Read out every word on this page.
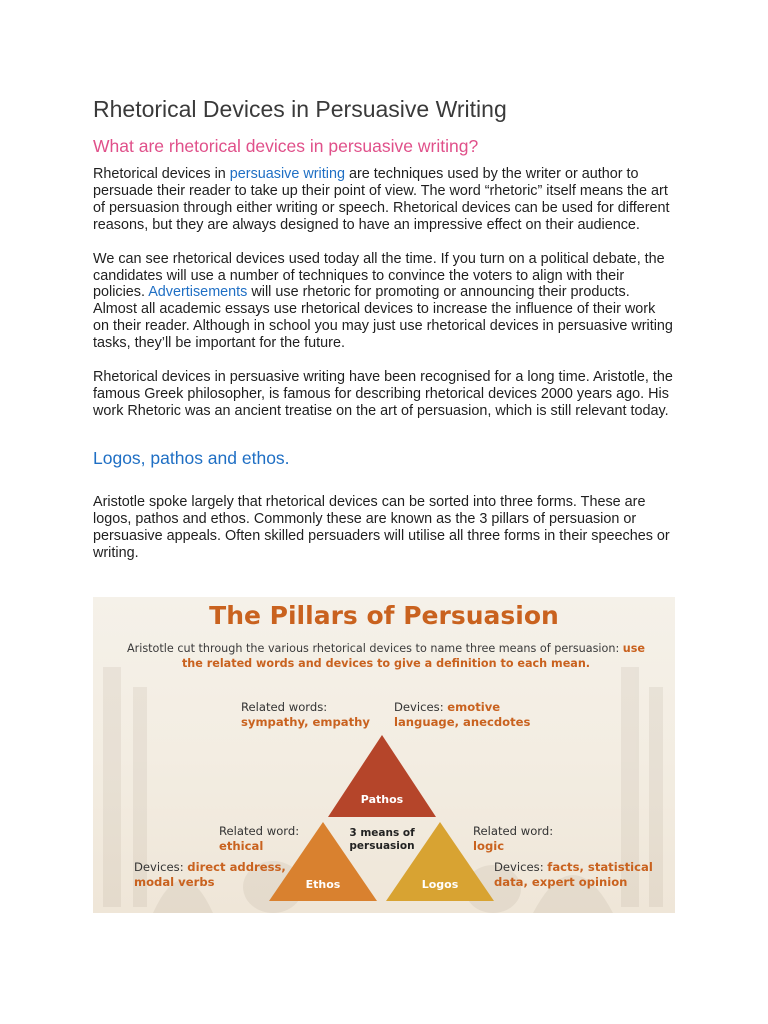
Rhetorical Devices in Persuasive Writing
What are rhetorical devices in persuasive writing?

Rhetorical devices in persuasive writing are techniques used by the writer or author to persuade their reader to take up their point of view. The word “rhetoric” itself means the art of persuasion through either writing or speech. Rhetorical devices can be used for different reasons, but they are always designed to have an impressive effect on their audience.

We can see rhetorical devices used today all the time. If you turn on a political debate, the candidates will use a number of techniques to convince the voters to align with their policies. Advertisements will use rhetoric for promoting or announcing their products. Almost all academic essays use rhetorical devices to increase the influence of their work on their reader. Although in school you may just use rhetorical devices in persuasive writing tasks, they’ll be important for the future.

Rhetorical devices in persuasive writing have been recognised for a long time. Aristotle, the famous Greek philosopher, is famous for describing rhetorical devices 2000 years ago. His work Rhetoric was an ancient treatise on the art of persuasion, which is still relevant today.

Logos, pathos and ethos.

Aristotle spoke largely that rhetorical devices can be sorted into three forms. These are logos, pathos and ethos. Commonly these are known as the 3 pillars of persuasion or persuasive appeals. Often skilled persuaders will utilise all three forms in their speeches or writing.

The Pillars of Persuasion
Aristotle cut through the various rhetorical devices to name three means of persuasion: use the related words and devices to give a definition to each mean.
Related words:
sympathy, empathy
Devices: emotive
language, anecdotes
Related word:
ethical
Devices: direct address,
modal verbs
Related word:
logic
Devices: facts, statistical
data, expert opinion
Pathos
Ethos	Logos
3 means of persuasion
